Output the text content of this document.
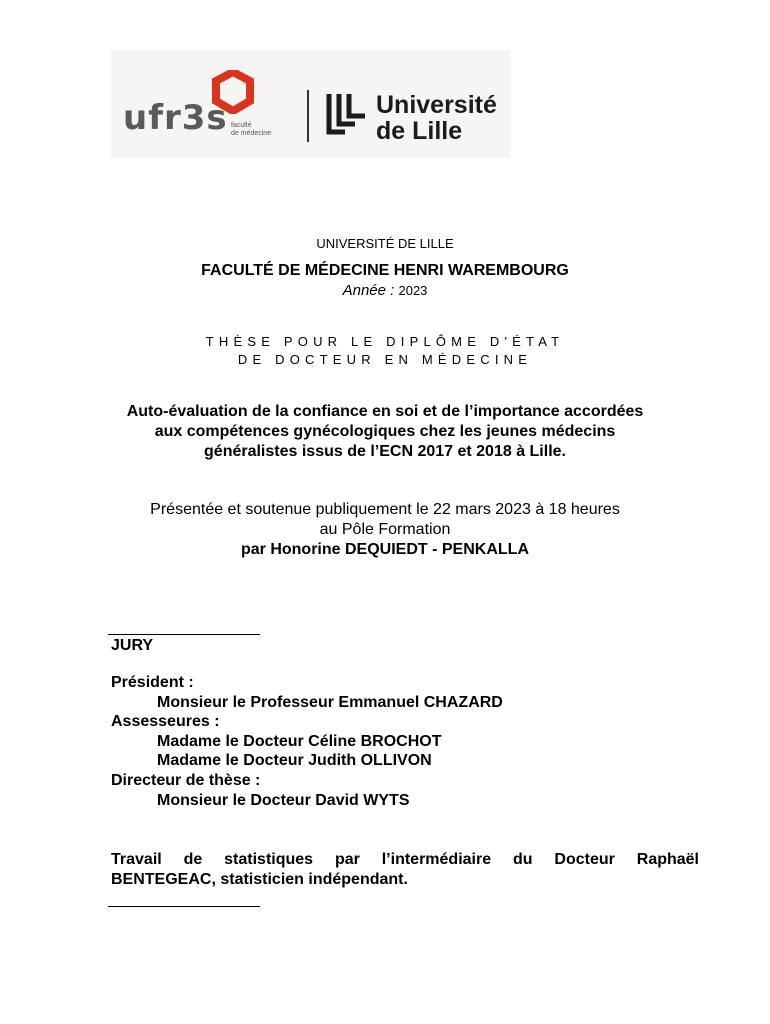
ufr3s faculté
de médecine
Université
de Lille
UNIVERSITÉ DE LILLE
FACULTÉ DE MÉDECINE HENRI WAREMBOURG
Année : 2023
THÈSE POUR LE DIPLÔME D'ÉTAT
DE DOCTEUR EN MÉDECINE
Auto-évaluation de la confiance en soi et de l’importance accordées
aux compétences gynécologiques chez les jeunes médecins
généralistes issus de l’ECN 2017 et 2018 à Lille.
Présentée et soutenue publiquement le 22 mars 2023 à 18 heures
au Pôle Formation
par Honorine DEQUIEDT - PENKALLA
JURY
Président :
Monsieur le Professeur Emmanuel CHAZARD
Assesseures :
Madame le Docteur Céline BROCHOT
Madame le Docteur Judith OLLIVON
Directeur de thèse :
Monsieur le Docteur David WYTS
Travail de statistiques par l’intermédiaire du Docteur Raphaël
BENTEGEAC, statisticien indépendant.
